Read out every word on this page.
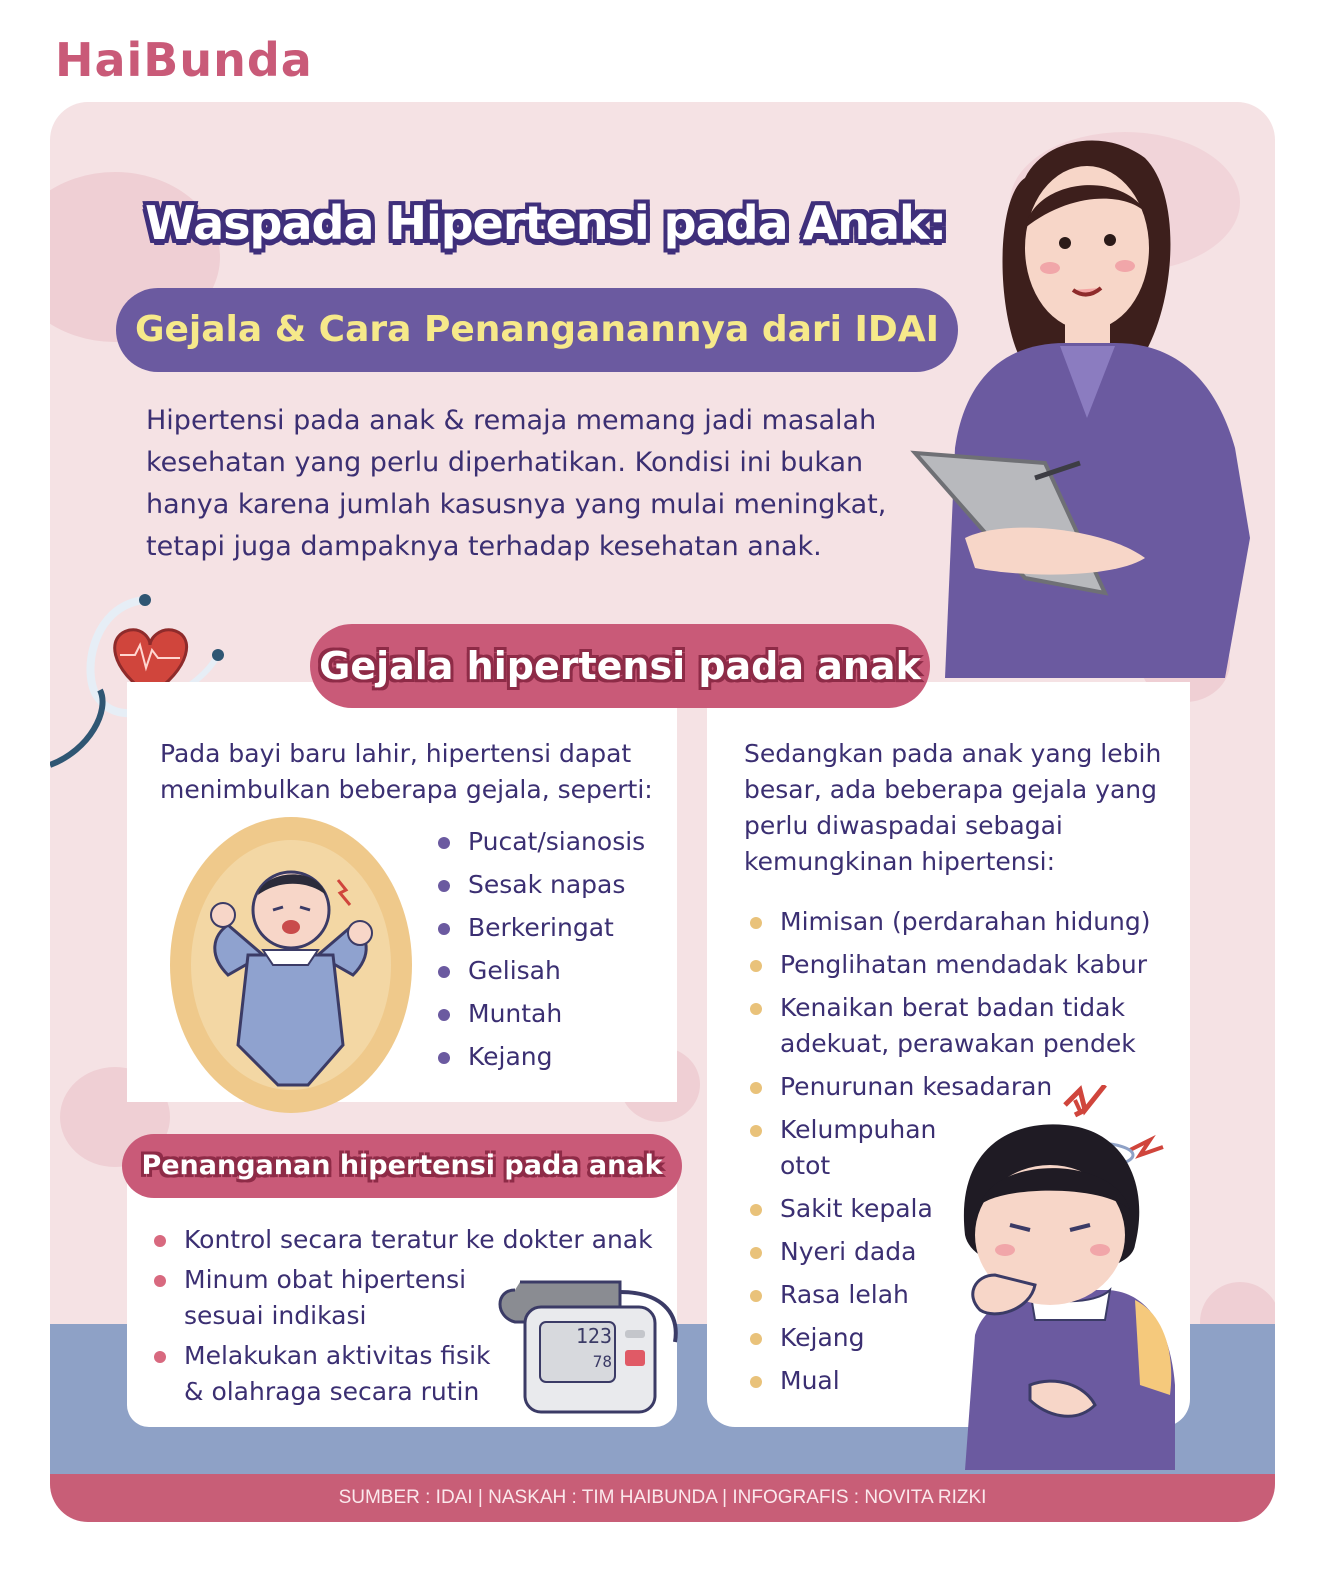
HaiBunda
SUMBER : IDAI | NASKAH : TIM HAIBUNDA | INFOGRAFIS : NOVITA RIZKI
Waspada Hipertensi pada Anak:
Gejala & Cara Penanganannya dari IDAI
Hipertensi pada anak & remaja memang jadi masalah kesehatan yang perlu diperhatikan. Kondisi ini bukan hanya karena jumlah kasusnya yang mulai meningkat, tetapi juga dampaknya terhadap kesehatan anak.
Gejala hipertensi pada anak
Pada bayi baru lahir, hipertensi dapat menimbulkan beberapa gejala, seperti:
Pucat/sianosis
Sesak napas
Berkeringat
Gelisah
Muntah
Kejang
Sedangkan pada anak yang lebih besar, ada beberapa gejala yang perlu diwaspadai sebagai kemungkinan hipertensi:
Mimisan (perdarahan hidung)
Penglihatan mendadak kabur
Kenaikan berat badan tidak adekuat, perawakan pendek
Penurunan kesadaran
Kelumpuhan otot
Sakit kepala
Nyeri dada
Rasa lelah
Kejang
Mual
Penanganan hipertensi pada anak
Kontrol secara teratur ke dokter anak
Minum obat hipertensi sesuai indikasi
Melakukan aktivitas fisik & olahraga secara rutin
123
78
